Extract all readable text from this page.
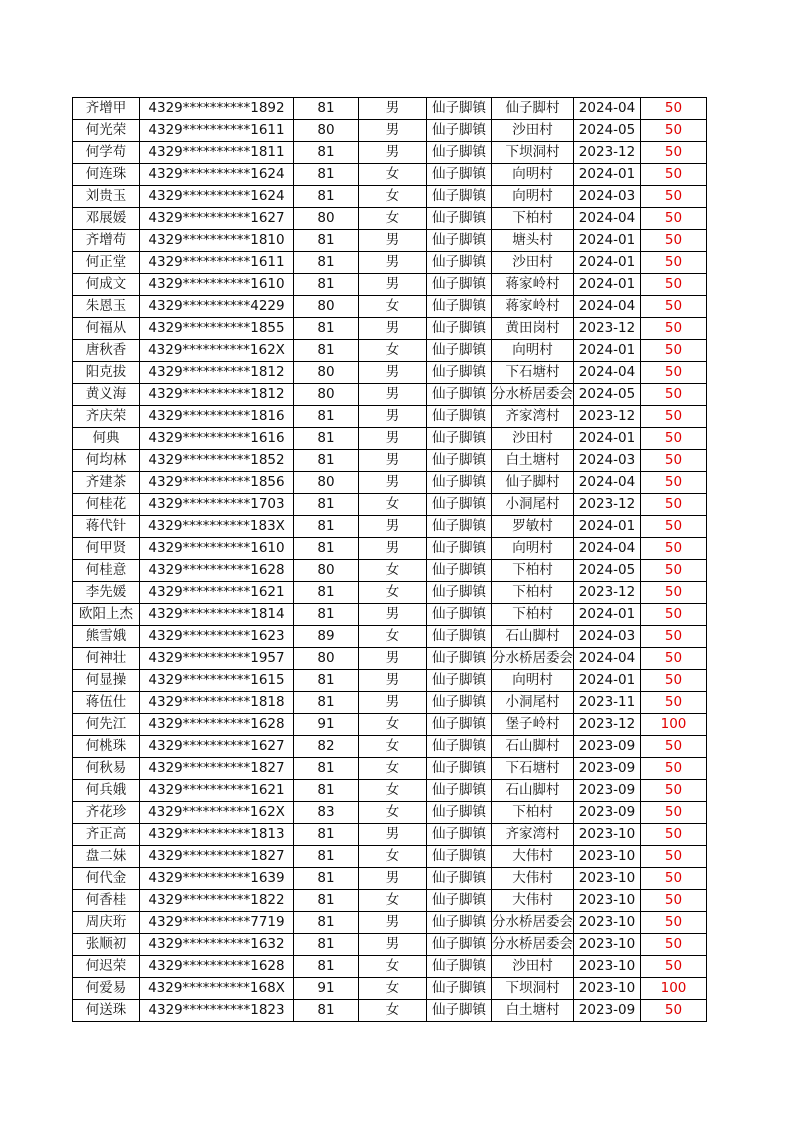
齐增甲	4329**********1892	81	男	仙子脚镇	仙子脚村	2024-04	50
何光荣	4329**********1611	80	男	仙子脚镇	沙田村	2024-05	50
何学苟	4329**********1811	81	男	仙子脚镇	下坝洞村	2023-12	50
何连珠	4329**********1624	81	女	仙子脚镇	向明村	2024-01	50
刘贵玉	4329**********1624	81	女	仙子脚镇	向明村	2024-03	50
邓展媛	4329**********1627	80	女	仙子脚镇	下柏村	2024-04	50
齐增苟	4329**********1810	81	男	仙子脚镇	塘头村	2024-01	50
何正堂	4329**********1611	81	男	仙子脚镇	沙田村	2024-01	50
何成文	4329**********1610	81	男	仙子脚镇	蒋家岭村	2024-01	50
朱恩玉	4329**********4229	80	女	仙子脚镇	蒋家岭村	2024-04	50
何福从	4329**********1855	81	男	仙子脚镇	黄田岗村	2023-12	50
唐秋香	4329**********162X	81	女	仙子脚镇	向明村	2024-01	50
阳克拔	4329**********1812	80	男	仙子脚镇	下石塘村	2024-04	50
黄义海	4329**********1812	80	男	仙子脚镇	分水桥居委会	2024-05	50
齐庆荣	4329**********1816	81	男	仙子脚镇	齐家湾村	2023-12	50
何典	4329**********1616	81	男	仙子脚镇	沙田村	2024-01	50
何均林	4329**********1852	81	男	仙子脚镇	白土塘村	2024-03	50
齐建茶	4329**********1856	80	男	仙子脚镇	仙子脚村	2024-04	50
何桂花	4329**********1703	81	女	仙子脚镇	小洞尾村	2023-12	50
蒋代针	4329**********183X	81	男	仙子脚镇	罗敏村	2024-01	50
何甲贤	4329**********1610	81	男	仙子脚镇	向明村	2024-04	50
何桂意	4329**********1628	80	女	仙子脚镇	下柏村	2024-05	50
李先媛	4329**********1621	81	女	仙子脚镇	下柏村	2023-12	50
欧阳上杰	4329**********1814	81	男	仙子脚镇	下柏村	2024-01	50
熊雪娥	4329**********1623	89	女	仙子脚镇	石山脚村	2024-03	50
何神壮	4329**********1957	80	男	仙子脚镇	分水桥居委会	2024-04	50
何显操	4329**********1615	81	男	仙子脚镇	向明村	2024-01	50
蒋伍仕	4329**********1818	81	男	仙子脚镇	小洞尾村	2023-11	50
何先江	4329**********1628	91	女	仙子脚镇	堡子岭村	2023-12	100
何桃珠	4329**********1627	82	女	仙子脚镇	石山脚村	2023-09	50
何秋易	4329**********1827	81	女	仙子脚镇	下石塘村	2023-09	50
何兵娥	4329**********1621	81	女	仙子脚镇	石山脚村	2023-09	50
齐花珍	4329**********162X	83	女	仙子脚镇	下柏村	2023-09	50
齐正高	4329**********1813	81	男	仙子脚镇	齐家湾村	2023-10	50
盘二妹	4329**********1827	81	女	仙子脚镇	大伟村	2023-10	50
何代金	4329**********1639	81	男	仙子脚镇	大伟村	2023-10	50
何香桂	4329**********1822	81	女	仙子脚镇	大伟村	2023-10	50
周庆珩	4329**********7719	81	男	仙子脚镇	分水桥居委会	2023-10	50
张顺初	4329**********1632	81	男	仙子脚镇	分水桥居委会	2023-10	50
何迟荣	4329**********1628	81	女	仙子脚镇	沙田村	2023-10	50
何爱易	4329**********168X	91	女	仙子脚镇	下坝洞村	2023-10	100
何送珠	4329**********1823	81	女	仙子脚镇	白土塘村	2023-09	50
